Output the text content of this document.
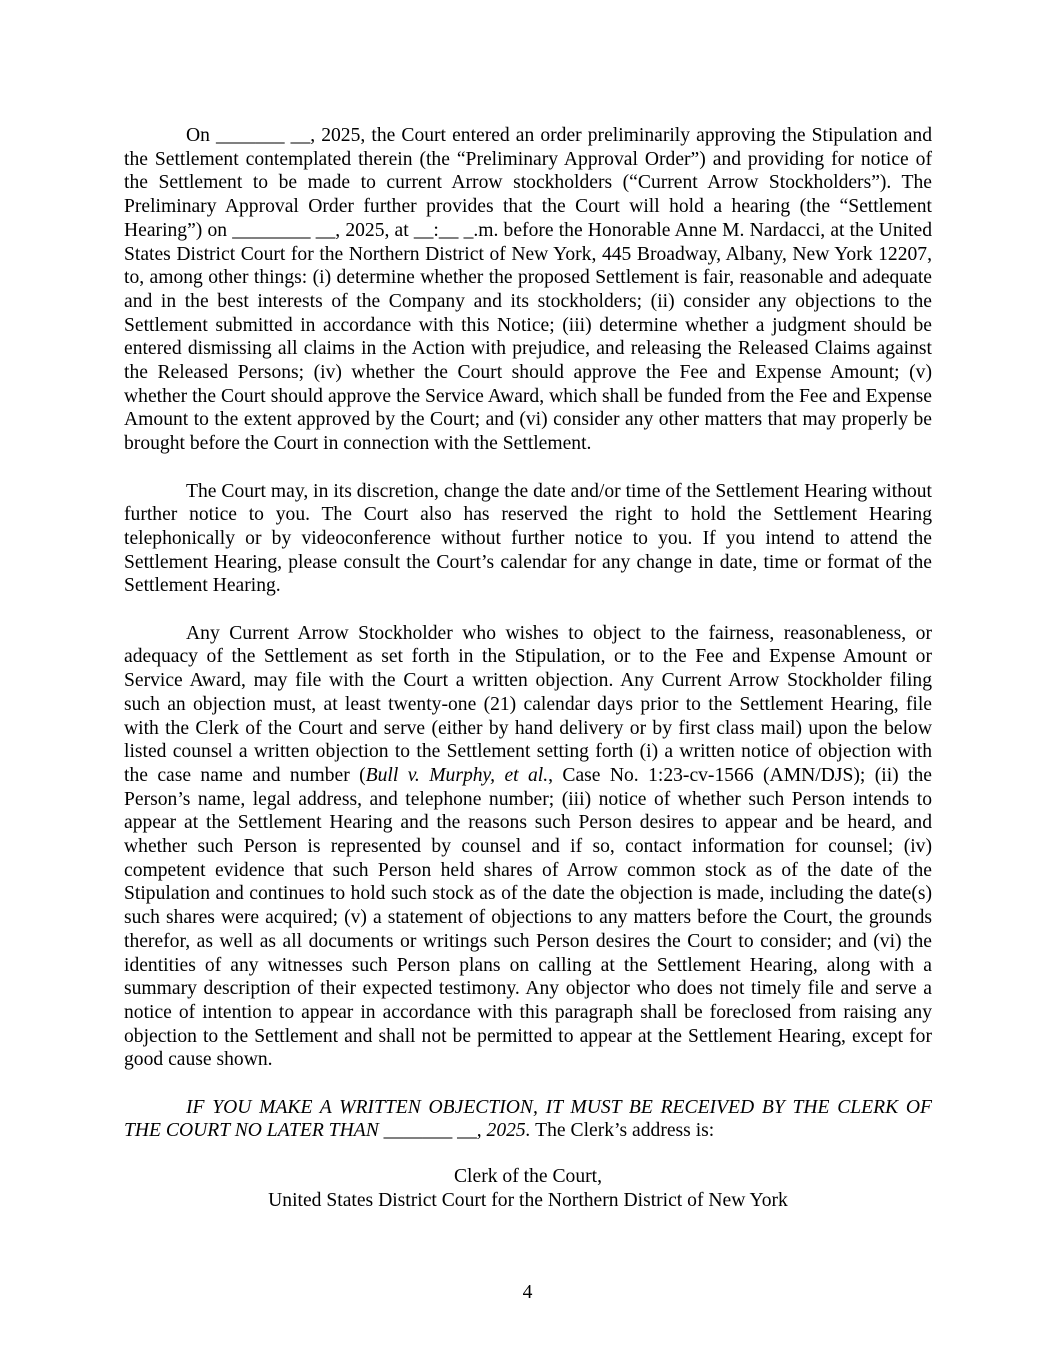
On _______ __, 2025, the Court entered an order preliminarily approving the Stipulation and the Settlement contemplated therein (the “Preliminary Approval Order”) and providing for notice of the Settlement to be made to current Arrow stockholders (“Current Arrow Stockholders”). The Preliminary Approval Order further provides that the Court will hold a hearing (the “Settlement Hearing”) on ________ __, 2025, at __:__ _.m. before the Honorable Anne M. Nardacci, at the United States District Court for the Northern District of New York, 445 Broadway, Albany, New York 12207, to, among other things: (i) determine whether the proposed Settlement is fair, reasonable and adequate and in the best interests of the Company and its stockholders; (ii) consider any objections to the Settlement submitted in accordance with this Notice; (iii) determine whether a judgment should be entered dismissing all claims in the Action with prejudice, and releasing the Released Claims against the Released Persons; (iv) whether the Court should approve the Fee and Expense Amount; (v) whether the Court should approve the Service Award, which shall be funded from the Fee and Expense Amount to the extent approved by the Court; and (vi) consider any other matters that may properly be brought before the Court in connection with the Settlement.

The Court may, in its discretion, change the date and/or time of the Settlement Hearing without further notice to you. The Court also has reserved the right to hold the Settlement Hearing telephonically or by videoconference without further notice to you. If you intend to attend the Settlement Hearing, please consult the Court’s calendar for any change in date, time or format of the Settlement Hearing.

Any Current Arrow Stockholder who wishes to object to the fairness, reasonableness, or adequacy of the Settlement as set forth in the Stipulation, or to the Fee and Expense Amount or Service Award, may file with the Court a written objection. Any Current Arrow Stockholder filing such an objection must, at least twenty-one (21) calendar days prior to the Settlement Hearing, file with the Clerk of the Court and serve (either by hand delivery or by first class mail) upon the below listed counsel a written objection to the Settlement setting forth (i) a written notice of objection with the case name and number (Bull v. Murphy, et al., Case No. 1:23-cv-1566 (AMN/DJS); (ii) the Person’s name, legal address, and telephone number; (iii) notice of whether such Person intends to appear at the Settlement Hearing and the reasons such Person desires to appear and be heard, and whether such Person is represented by counsel and if so, contact information for counsel; (iv) competent evidence that such Person held shares of Arrow common stock as of the date of the Stipulation and continues to hold such stock as of the date the objection is made, including the date(s) such shares were acquired; (v) a statement of objections to any matters before the Court, the grounds therefor, as well as all documents or writings such Person desires the Court to consider; and (vi) the identities of any witnesses such Person plans on calling at the Settlement Hearing, along with a summary description of their expected testimony. Any objector who does not timely file and serve a notice of intention to appear in accordance with this paragraph shall be foreclosed from raising any objection to the Settlement and shall not be permitted to appear at the Settlement Hearing, except for good cause shown.

IF YOU MAKE A WRITTEN OBJECTION, IT MUST BE RECEIVED BY THE CLERK OF THE COURT NO LATER THAN _______ __, 2025. The Clerk’s address is:

Clerk of the Court,
United States District Court for the Northern District of New York
4
